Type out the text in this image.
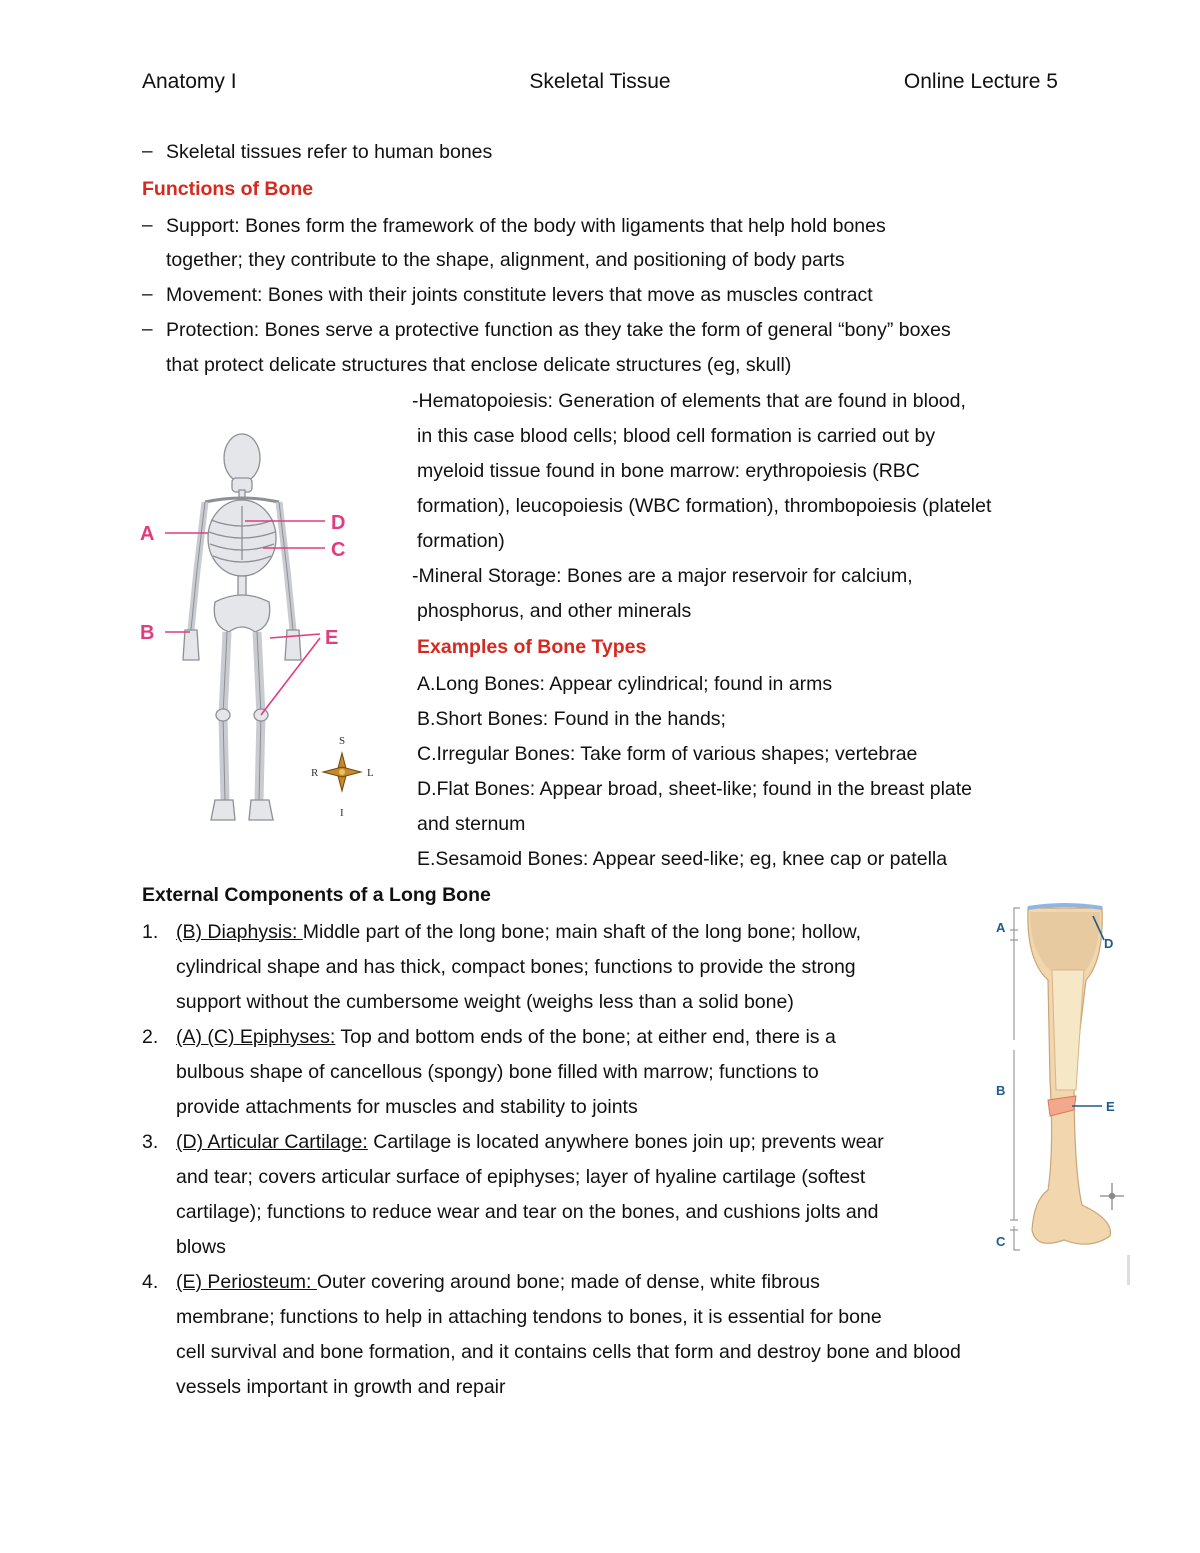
Anatomy I	Skeletal Tissue	Online Lecture 5
– Skeletal tissues refer to human bones
Functions of Bone
– Support: Bones form the framework of the body with ligaments that help hold bones
together; they contribute to the shape, alignment, and positioning of body parts
– Movement: Bones with their joints constitute levers that move as muscles contract
– Protection: Bones serve a protective function as they take the form of general “bony” boxes
that protect delicate structures that enclose delicate structures (eg, skull)
-Hematopoiesis: Generation of elements that are found in blood,
in this case blood cells; blood cell formation is carried out by
myeloid tissue found in bone marrow: erythropoiesis (RBC
formation), leucopoiesis (WBC formation), thrombopoiesis (platelet
formation)
-Mineral Storage: Bones are a major reservoir for calcium,
phosphorus, and other minerals
Examples of Bone Types
A.Long Bones: Appear cylindrical; found in arms
B.Short Bones: Found in the hands;
C.Irregular Bones: Take form of various shapes; vertebrae
D.Flat Bones: Appear broad, sheet-like; found in the breast plate
and sternum
E.Sesamoid Bones: Appear seed-like; eg, knee cap or patella
A
B
C
D
E
S
I
R	L
External Components of a Long Bone
1. (B) Diaphysis: Middle part of the long bone; main shaft of the long bone; hollow,
cylindrical shape and has thick, compact bones; functions to provide the strong
support without the cumbersome weight (weighs less than a solid bone)
2. (A) (C) Epiphyses: Top and bottom ends of the bone; at either end, there is a
bulbous shape of cancellous (spongy) bone filled with marrow; functions to
provide attachments for muscles and stability to joints
3. (D) Articular Cartilage: Cartilage is located anywhere bones join up; prevents wear
and tear; covers articular surface of epiphyses; layer of hyaline cartilage (softest
cartilage); functions to reduce wear and tear on the bones, and cushions jolts and
blows
4. (E) Periosteum: Outer covering around bone; made of dense, white fibrous
membrane; functions to help in attaching tendons to bones, it is essential for bone
cell survival and bone formation, and it contains cells that form and destroy bone and blood
vessels important in growth and repair
A
B
C
D
E
